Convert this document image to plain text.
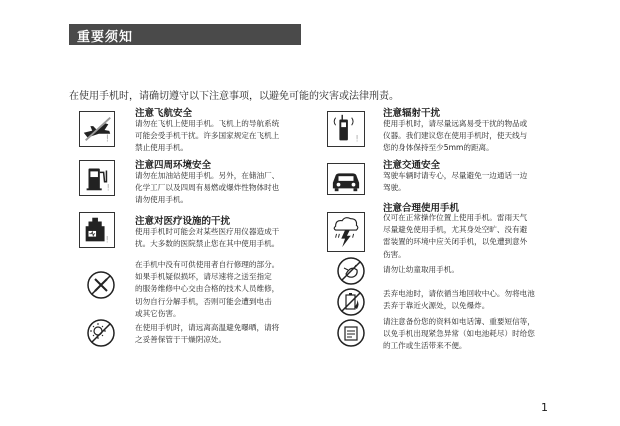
重要须知
在使用手机时，请确切遵守以下注意事项，以避免可能的灾害或法律刑责。
!
注意飞航安全
请勿在飞机上使用手机。飞机上的导航系统
可能会受手机干扰。许多国家规定在飞机上
禁止使用手机。
!
注意四周环境安全
请勿在加油站使用手机。另外，在储油厂、
化学工厂以及四周有易燃或爆炸性物体时也
请勿使用手机。
!
注意对医疗设施的干扰
使用手机时可能会对某些医疗用仪器造成干
扰。大多数的医院禁止您在其中使用手机。
在手机中没有可供使用者自行修理的部分。
如果手机疑似损坏，请尽速将之送至指定
的服务维修中心交由合格的技术人员维修，
切勿自行分解手机，否则可能会遭到电击
或其它伤害。
在使用手机时，请远离高温避免曝晒，请将
之妥善保管于干燥阴凉处。
!
注意辐射干扰
使用手机时，请尽量远离易受干扰的物品或
仪器。我们建议您在使用手机时，使天线与
您的身体保持至少5mm的距离。
注意交通安全
驾驶车辆时请专心，尽量避免一边通话一边
驾驶。
注意合理使用手机
仅可在正常操作位置上使用手机。雷雨天气
尽量避免使用手机，尤其身处空旷、没有避
雷装置的环境中应关闭手机，以免遭到意外
伤害。
请勿让幼童取用手机。
丢弃电池时，请依循当地回收中心。勿将电池
丢弃于靠近火源处，以免爆炸。
请注意备份您的资料如电话簿、重要短信等，
以免手机出现紧急异常（如电池耗尽）时给您
的工作或生活带来不便。
1
